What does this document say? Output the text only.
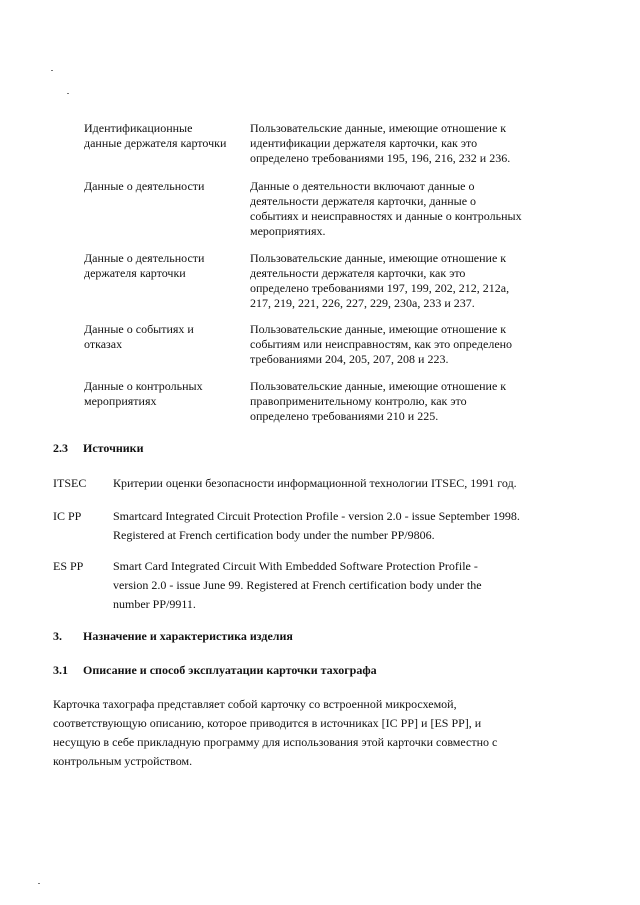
Идентификационные
данные держателя карточки
Пользовательские данные, имеющие отношение к
идентификации держателя карточки, как это
определено требованиями 195, 196, 216, 232 и 236.
Данные о деятельности	Данные о деятельности включают данные о
деятельности держателя карточки, данные о
событиях и неисправностях и данные о контрольных
мероприятиях.
Данные о деятельности
держателя карточки
Пользовательские данные, имеющие отношение к
деятельности держателя карточки, как это
определено требованиями 197, 199, 202, 212, 212а,
217, 219, 221, 226, 227, 229, 230а, 233 и 237.
Данные о событиях и
отказах
Пользовательские данные, имеющие отношение к
событиям или неисправностям, как это определено
требованиями 204, 205, 207, 208 и 223.
Данные о контрольных
мероприятиях
Пользовательские данные, имеющие отношение к
правоприменительному контролю, как это
определено требованиями 210 и 225.
2.3 Источники
ITSEC Критерии оценки безопасности информационной технологии ITSEC, 1991 год.
IC PP	Smartcard Integrated Circuit Protection Profile - version 2.0 - issue September 1998.
Registered at French certification body under the number PP/9806.
ES PP Smart Card Integrated Circuit With Embedded Software Protection Profile -
version 2.0 - issue June 99. Registered at French certification body under the
number PP/9911.
3. Назначение и характеристика изделия
3.1 Описание и способ эксплуатации карточки тахографа
Карточка тахографа представляет собой карточку со встроенной микросхемой,
соответствующую описанию, которое приводится в источниках [IC PP] и [ES PP], и
несущую в себе прикладную программу для использования этой карточки совместно с
контрольным устройством.
